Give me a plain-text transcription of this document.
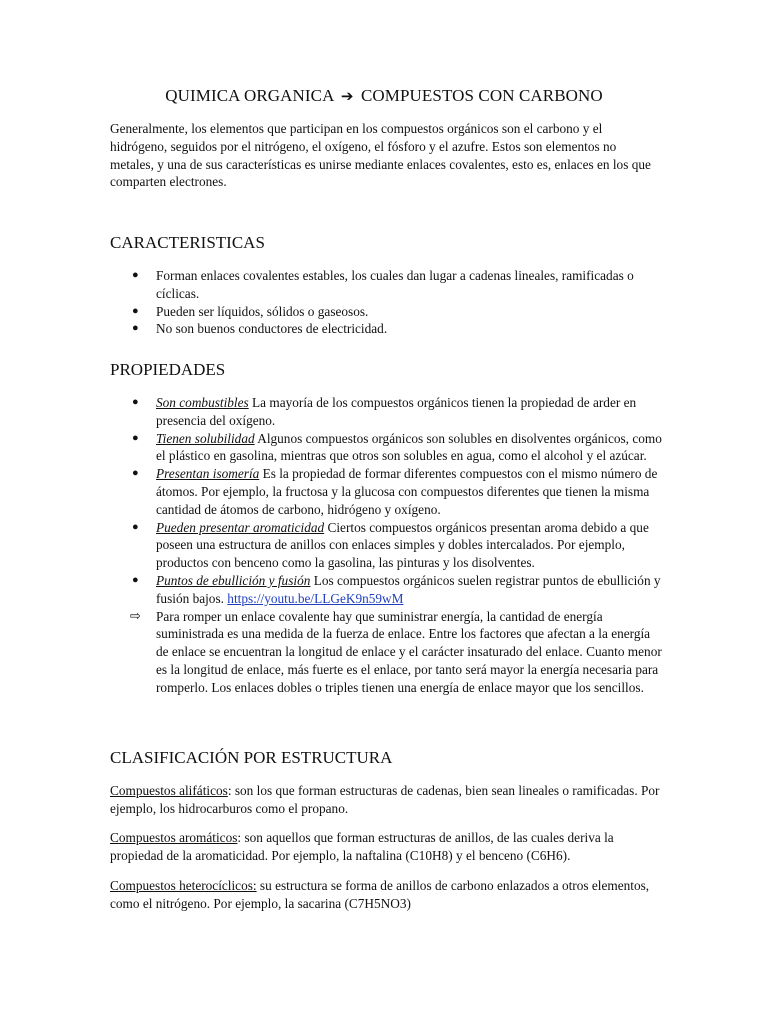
QUIMICA ORGANICA ➔ COMPUESTOS CON CARBONO

Generalmente, los elementos que participan en los compuestos orgánicos son el carbono y el hidrógeno, seguidos por el nitrógeno, el oxígeno, el fósforo y el azufre. Estos son elementos no metales, y una de sus características es unirse mediante enlaces covalentes, esto es, enlaces en los que comparten electrones.

CARACTERISTICAS
● Forman enlaces covalentes estables, los cuales dan lugar a cadenas lineales, ramificadas o cíclicas.
● Pueden ser líquidos, sólidos o gaseosos.
● No son buenos conductores de electricidad.
PROPIEDADES
● Son combustibles La mayoría de los compuestos orgánicos tienen la propiedad de arder en presencia del oxígeno.
● Tienen solubilidad Algunos compuestos orgánicos son solubles en disolventes orgánicos, como el plástico en gasolina, mientras que otros son solubles en agua, como el alcohol y el azúcar.
● Presentan isomería Es la propiedad de formar diferentes compuestos con el mismo número de átomos. Por ejemplo, la fructosa y la glucosa con compuestos diferentes que tienen la misma cantidad de átomos de carbono, hidrógeno y oxígeno.
● Pueden presentar aromaticidad Ciertos compuestos orgánicos presentan aroma debido a que poseen una estructura de anillos con enlaces simples y dobles intercalados. Por ejemplo, productos con benceno como la gasolina, las pinturas y los disolventes.
● Puntos de ebullición y fusión Los compuestos orgánicos suelen registrar puntos de ebullición y fusión bajos. https://youtu.be/LLGeK9n59wM
⇨ Para romper un enlace covalente hay que suministrar energía, la cantidad de energía suministrada es una medida de la fuerza de enlace. Entre los factores que afectan a la energía de enlace se encuentran la longitud de enlace y el carácter insaturado del enlace. Cuanto menor es la longitud de enlace, más fuerte es el enlace, por tanto será mayor la energía necesaria para romperlo. Los enlaces dobles o triples tienen una energía de enlace mayor que los sencillos.
CLASIFICACIÓN POR ESTRUCTURA

Compuestos alifáticos: son los que forman estructuras de cadenas, bien sean lineales o ramificadas. Por ejemplo, los hidrocarburos como el propano.

Compuestos aromáticos: son aquellos que forman estructuras de anillos, de las cuales deriva la propiedad de la aromaticidad. Por ejemplo, la naftalina (C10H8) y el benceno (C6H6).

Compuestos heterocíclicos: su estructura se forma de anillos de carbono enlazados a otros elementos, como el nitrógeno. Por ejemplo, la sacarina (C7H5NO3)
